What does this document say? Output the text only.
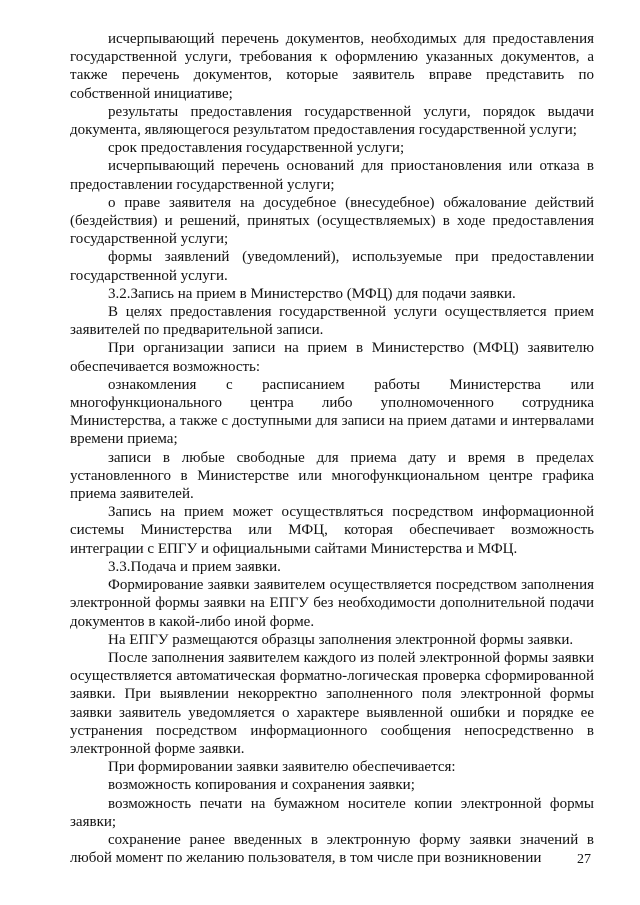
исчерпывающий перечень документов, необходимых для предоставления государственной услуги, требования к оформлению указанных документов, а также перечень документов, которые заявитель вправе представить по собственной инициативе;

результаты предоставления государственной услуги, порядок выдачи документа, являющегося результатом предоставления государственной услуги;

срок предоставления государственной услуги;

исчерпывающий перечень оснований для приостановления или отказа в предоставлении государственной услуги;

о праве заявителя на досудебное (внесудебное) обжалование действий (бездействия) и решений, принятых (осуществляемых) в ходе предоставления государственной услуги;

формы заявлений (уведомлений), используемые при предоставлении государственной услуги.

3.2.Запись на прием в Министерство (МФЦ) для подачи заявки.

В целях предоставления государственной услуги осуществляется прием заявителей по предварительной записи.

При организации записи на прием в Министерство (МФЦ) заявителю обеспечивается возможность:

ознакомления с расписанием работы Министерства или многофункционального центра либо уполномоченного сотрудника Министерства, а также с доступными для записи на прием датами и интервалами времени приема;

записи в любые свободные для приема дату и время в пределах установленного в Министерстве или многофункциональном центре графика приема заявителей.

Запись на прием может осуществляться посредством информационной системы Министерства или МФЦ, которая обеспечивает возможность интеграции с ЕПГУ и официальными сайтами Министерства и МФЦ.

3.3.Подача и прием заявки.

Формирование заявки заявителем осуществляется посредством заполнения электронной формы заявки на ЕПГУ без необходимости дополнительной подачи документов в какой-либо иной форме.

На ЕПГУ размещаются образцы заполнения электронной формы заявки.

После заполнения заявителем каждого из полей электронной формы заявки осуществляется автоматическая форматно-логическая проверка сформированной заявки. При выявлении некорректно заполненного поля электронной формы заявки заявитель уведомляется о характере выявленной ошибки и порядке ее устранения посредством информационного сообщения непосредственно в электронной форме заявки.

При формировании заявки заявителю обеспечивается:

возможность копирования и сохранения заявки;

возможность печати на бумажном носителе копии электронной формы заявки;

сохранение ранее введенных в электронную форму заявки значений в любой момент по желанию пользователя, в том числе при возникновении	27
